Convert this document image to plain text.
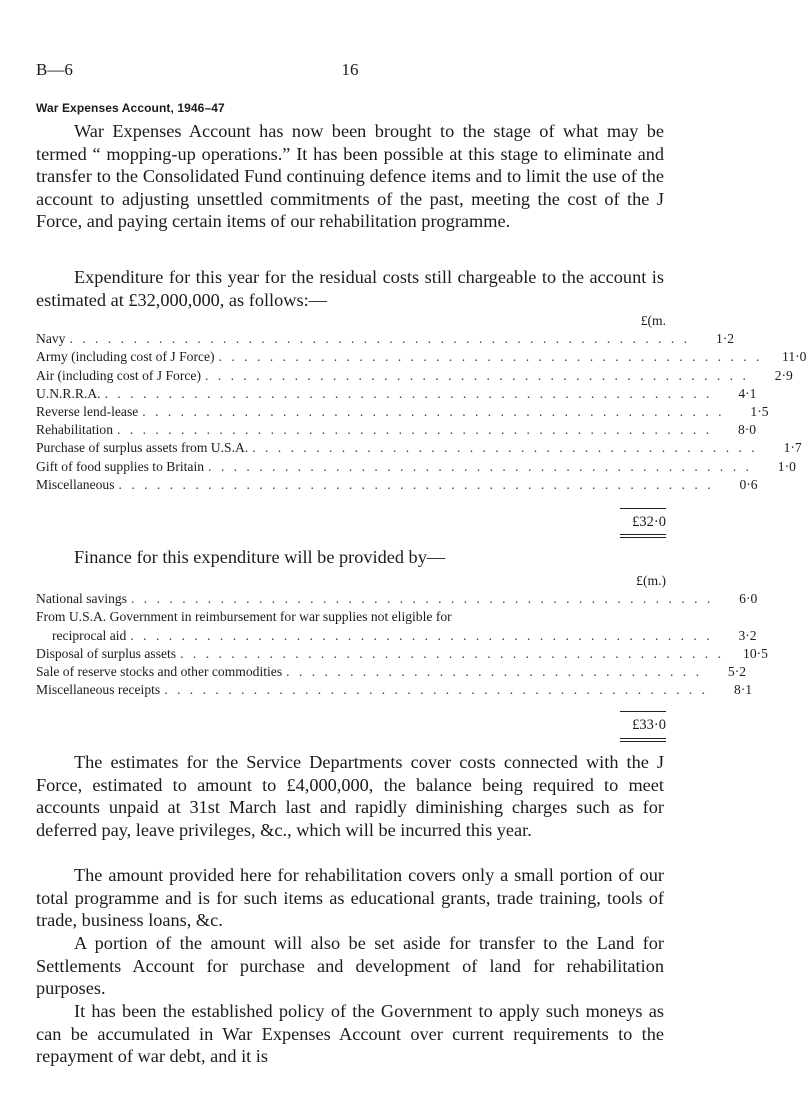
B—6	16
War Expenses Account, 1946–47

War Expenses Account has now been brought to the stage of what may be termed “ mopping-up operations.” It has been possible at this stage to eliminate and transfer to the Consolidated Fund continuing defence items and to limit the use of the account to adjusting unsettled commitments of the past, meeting the cost of the J Force, and paying certain items of our rehabilitation programme.

Expenditure for this year for the residual costs still chargeable to the account is estimated at £32,000,000, as follows:—

£(m.
Navy . . . . . . . . . . . . . . . . . . . . . . . . . . . . . . . . . . . . . . . . . . . . . . . . .	1·2
Army (including cost of J Force) . . . . . . . . . . . . . . . . . . . . . . . . . . . . . . . . . . . . . . . . . . .	11·0
Air (including cost of J Force) . . . . . . . . . . . . . . . . . . . . . . . . . . . . . . . . . . . . . . . . . . .	2·9
U.N.R.R.A. . . . . . . . . . . . . . . . . . . . . . . . . . . . . . . . . . . . . . . . . . . . . . . . .	4·1
Reverse lend-lease . . . . . . . . . . . . . . . . . . . . . . . . . . . . . . . . . . . . . . . . . . . . . .	1·5
Rehabilitation . . . . . . . . . . . . . . . . . . . . . . . . . . . . . . . . . . . . . . . . . . . . . . .	8·0
Purchase of surplus assets from U.S.A. . . . . . . . . . . . . . . . . . . . . . . . . . . . . . . . . . . . . . . . .	1·7
Gift of food supplies to Britain . . . . . . . . . . . . . . . . . . . . . . . . . . . . . . . . . . . . . . . . . . .	1·0
Miscellaneous . . . . . . . . . . . . . . . . . . . . . . . . . . . . . . . . . . . . . . . . . . . . . . .	0·6
£32·0

Finance for this expenditure will be provided by—

£(m.)
National savings . . . . . . . . . . . . . . . . . . . . . . . . . . . . . . . . . . . . . . . . . . . . . .	6·0
From U.S.A. Government in reimbursement for war supplies not eligible for
reciprocal aid . . . . . . . . . . . . . . . . . . . . . . . . . . . . . . . . . . . . . . . . . . . . . .	3·2
Disposal of surplus assets . . . . . . . . . . . . . . . . . . . . . . . . . . . . . . . . . . . . . . . . . . .	10·5
Sale of reserve stocks and other commodities . . . . . . . . . . . . . . . . . . . . . . . . . . . . . . . . .	5·2
Miscellaneous receipts . . . . . . . . . . . . . . . . . . . . . . . . . . . . . . . . . . . . . . . . . . .	8·1
£33·0

The estimates for the Service Departments cover costs connected with the J Force, estimated to amount to £4,000,000, the balance being required to meet accounts unpaid at 31st March last and rapidly diminishing charges such as for deferred pay, leave privileges, &c., which will be incurred this year.

The amount provided here for rehabilitation covers only a small portion of our total programme and is for such items as educational grants, trade training, tools of trade, business loans, &c.

A portion of the amount will also be set aside for transfer to the Land for Settlements Account for purchase and development of land for rehabilitation purposes.

It has been the established policy of the Government to apply such moneys as can be accumulated in War Expenses Account over current requirements to the repayment of war debt, and it is
